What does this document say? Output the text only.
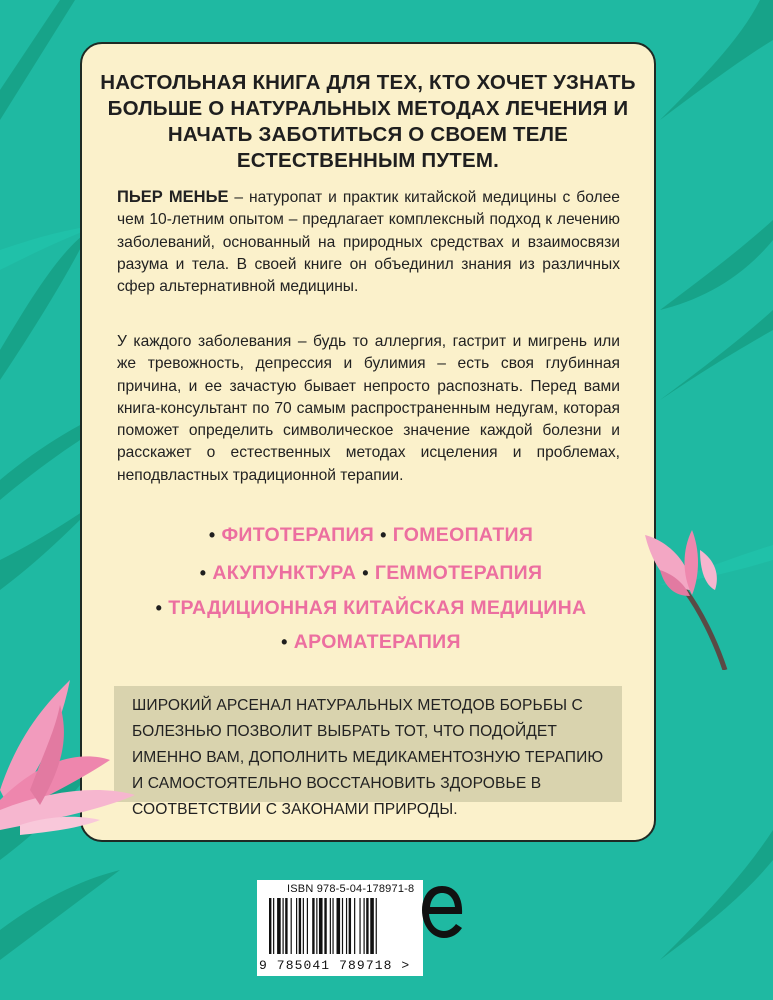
НАСТОЛЬНАЯ КНИГА ДЛЯ ТЕХ, КТО ХОЧЕТ УЗНАТЬ БОЛЬШЕ О НАТУРАЛЬНЫХ МЕТОДАХ ЛЕЧЕНИЯ И НАЧАТЬ ЗАБОТИТЬСЯ О СВОЕМ ТЕЛЕ ЕСТЕСТВЕННЫМ ПУТЕМ.

ПЬЕР МЕНЬЕ – натуропат и практик китайской медицины с более чем 10-летним опытом – предлагает комплексный подход к лечению заболеваний, основанный на природных средствах и взаимосвязи разума и тела. В своей книге он объединил знания из различных сфер альтернативной медицины.

У каждого заболевания – будь то аллергия, гастрит и мигрень или же тревожность, депрессия и булимия – есть своя глубинная причина, и ее зачастую бывает непросто распознать. Перед вами книга-консультант по 70 самым распространенным недугам, которая поможет определить символическое значение каждой болезни и расскажет о естественных методах исцеления и проблемах, неподвластных традиционной терапии.

• ФИТОТЕРАПИЯ • ГОМЕОПАТИЯ
• АКУПУНКТУРА • ГЕММОТЕРАПИЯ
• ТРАДИЦИОННАЯ КИТАЙСКАЯ МЕДИЦИНА
• АРОМАТЕРАПИЯ

ШИРОКИЙ АРСЕНАЛ НАТУРАЛЬНЫХ МЕТОДОВ БОРЬБЫ С БОЛЕЗНЬЮ ПОЗВОЛИТ ВЫБРАТЬ ТОТ, ЧТО ПОДОЙДЕТ ИМЕННО ВАМ, ДОПОЛНИТЬ МЕДИКАМЕНТОЗНУЮ ТЕРАПИЮ И САМОСТОЯТЕЛЬНО ВОССТАНОВИТЬ ЗДОРОВЬЕ В СООТВЕТСТВИИ С ЗАКОНАМИ ПРИРОДЫ.

ISBN 978-5-04-178971-8
9 785041 789718 >
